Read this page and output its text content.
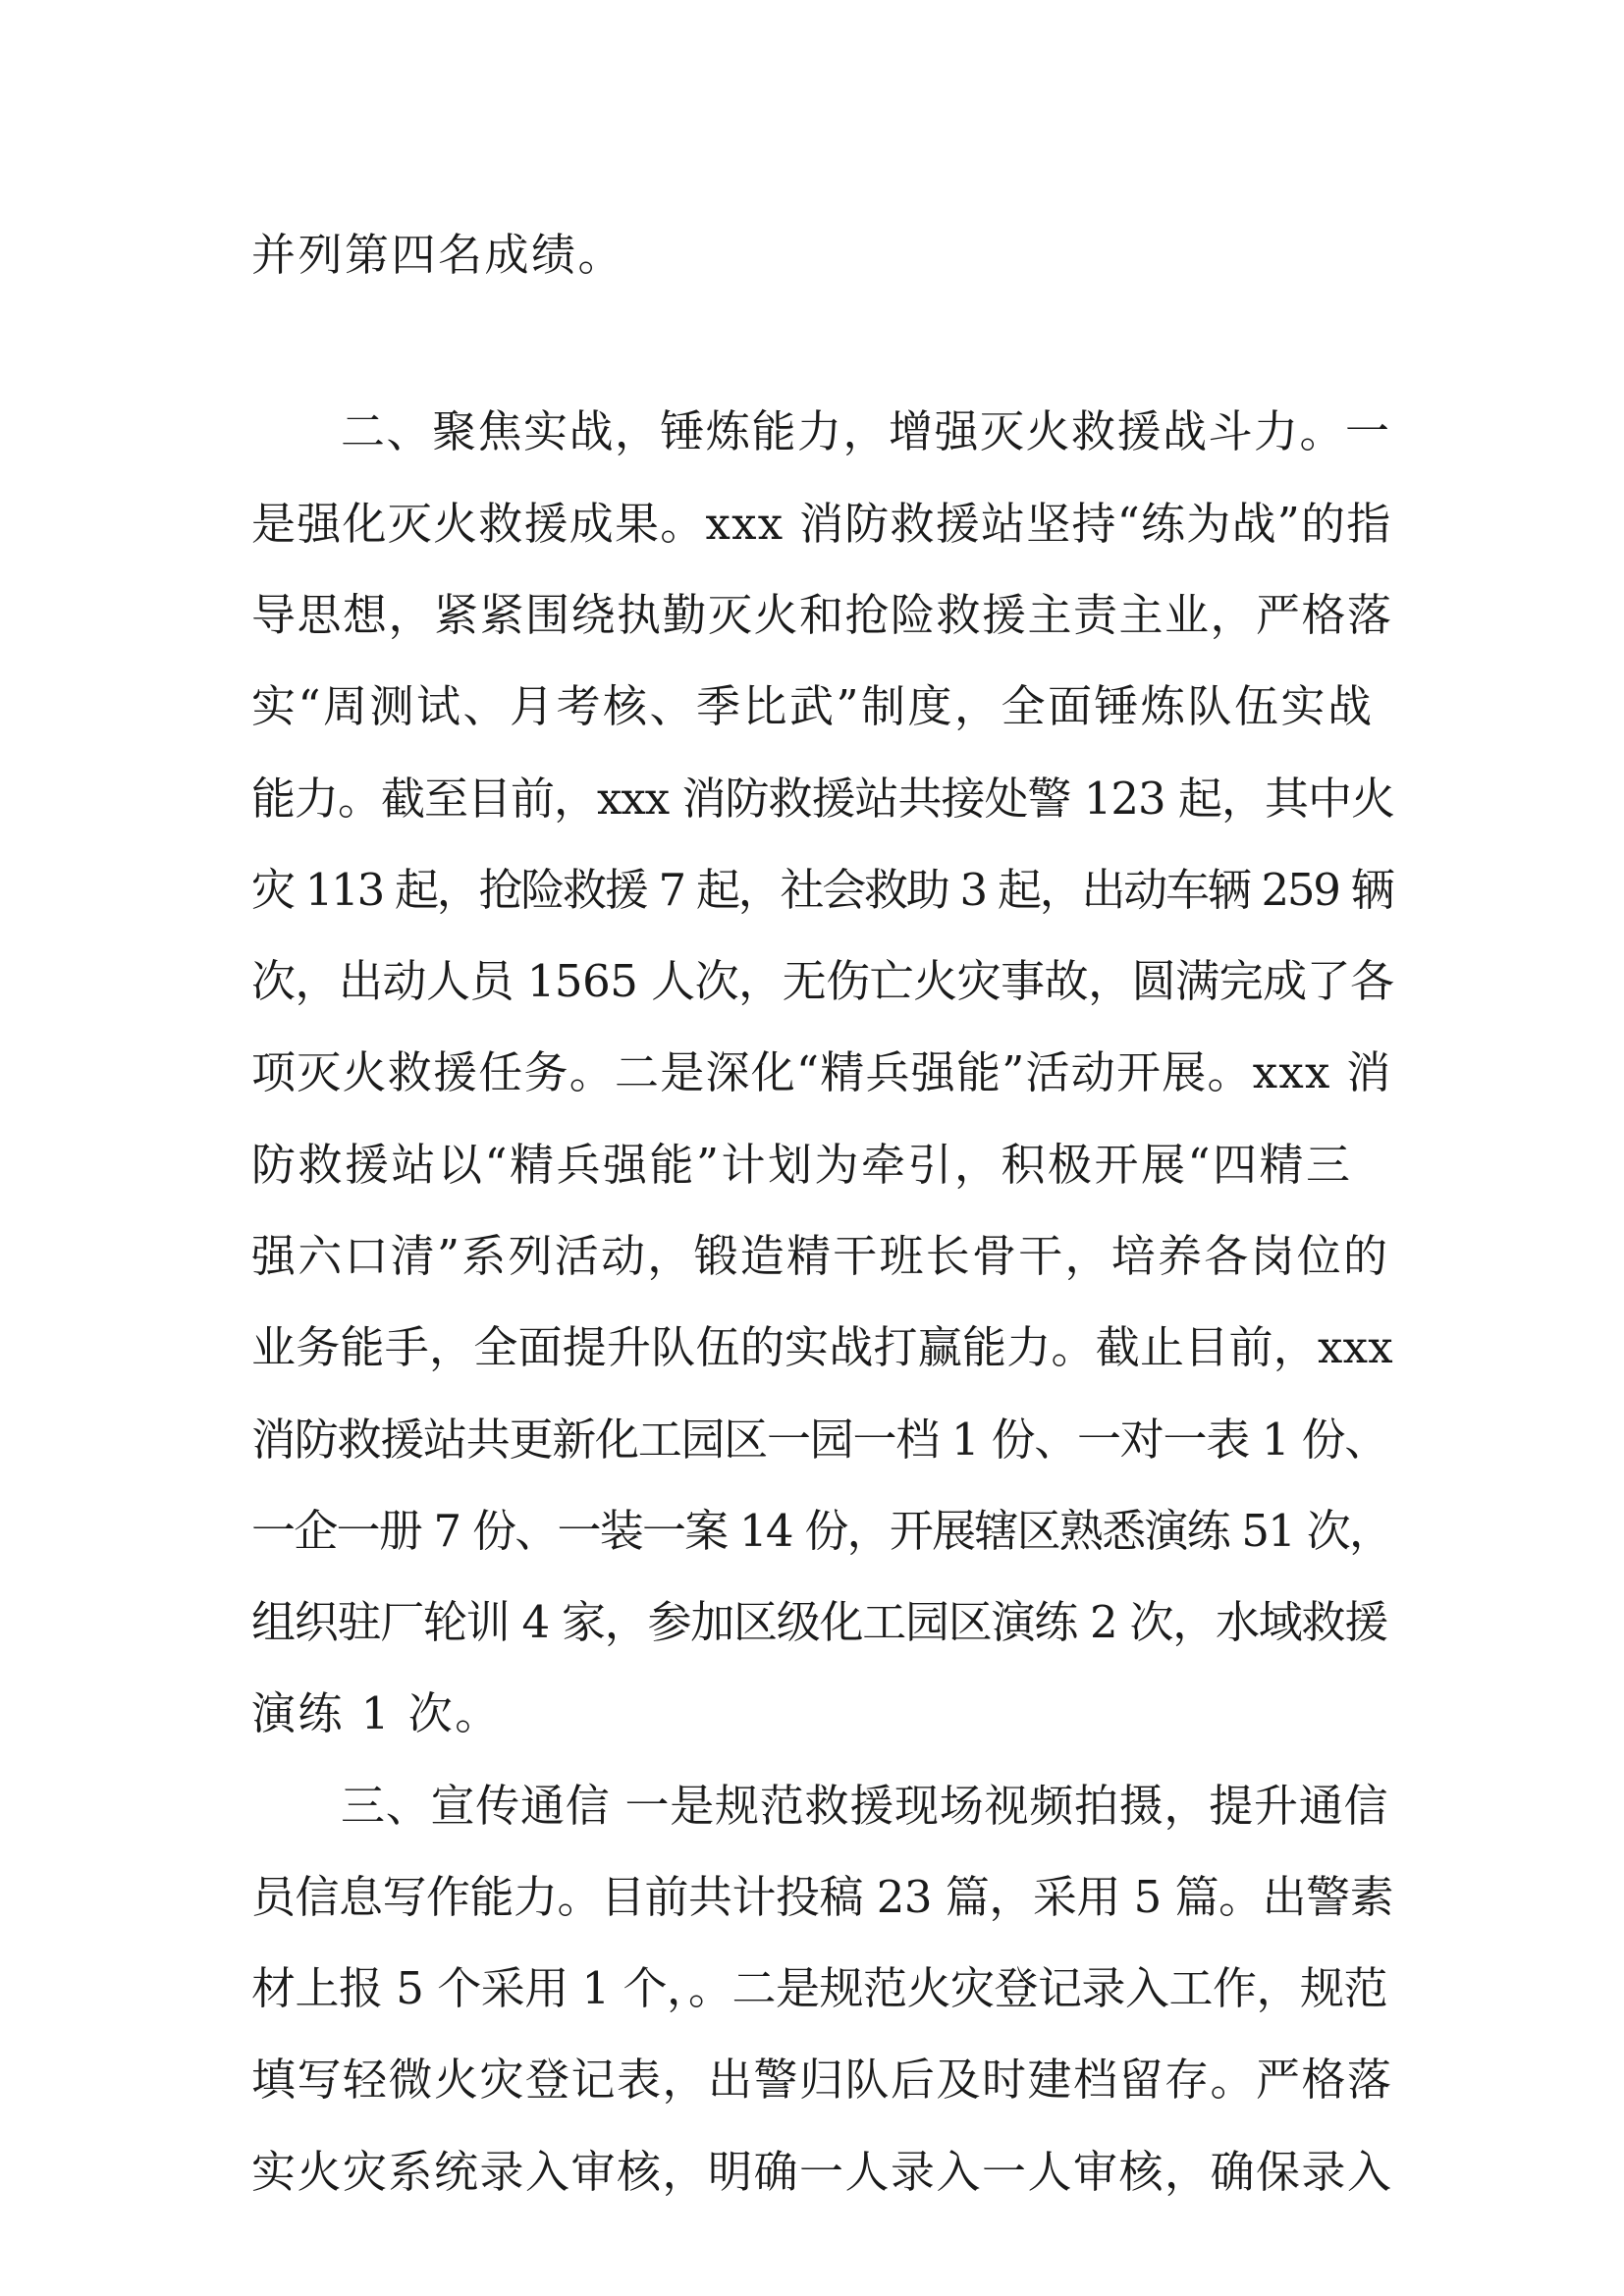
并列第四名成绩。

二、聚焦实战，锤炼能力，增强灭火救援战斗力。一

是强化灭火救援成果。xxx 消防救援站坚持“练为战”的指

导思想，紧紧围绕执勤灭火和抢险救援主责主业，严格落

实“周测试、月考核、季比武”制度，全面锤炼队伍实战

能力。截至目前，xxx 消防救援站共接处警 123 起，其中火

灾 113 起，抢险救援 7 起，社会救助 3 起，出动车辆 259 辆

次，出动人员 1565 人次，无伤亡火灾事故，圆满完成了各

项灭火救援任务。二是深化“精兵强能”活动开展。xxx 消

防救援站以“精兵强能”计划为牵引，积极开展“四精三

强六口清”系列活动，锻造精干班长骨干，培养各岗位的

业务能手，全面提升队伍的实战打赢能力。截止目前，xxx

消防救援站共更新化工园区一园一档 1 份、一对一表 1 份、

一企一册 7 份、一装一案 14 份，开展辖区熟悉演练 51 次，

组织驻厂轮训 4 家，参加区级化工园区演练 2 次，水域救援

演练 1 次。

三、宣传通信 一是规范救援现场视频拍摄，提升通信

员信息写作能力。目前共计投稿 23 篇，采用 5 篇。出警素

材上报 5 个采用 1 个，。二是规范火灾登记录入工作，规范

填写轻微火灾登记表，出警归队后及时建档留存。严格落

实火灾系统录入审核，明确一人录入一人审核，确保录入
